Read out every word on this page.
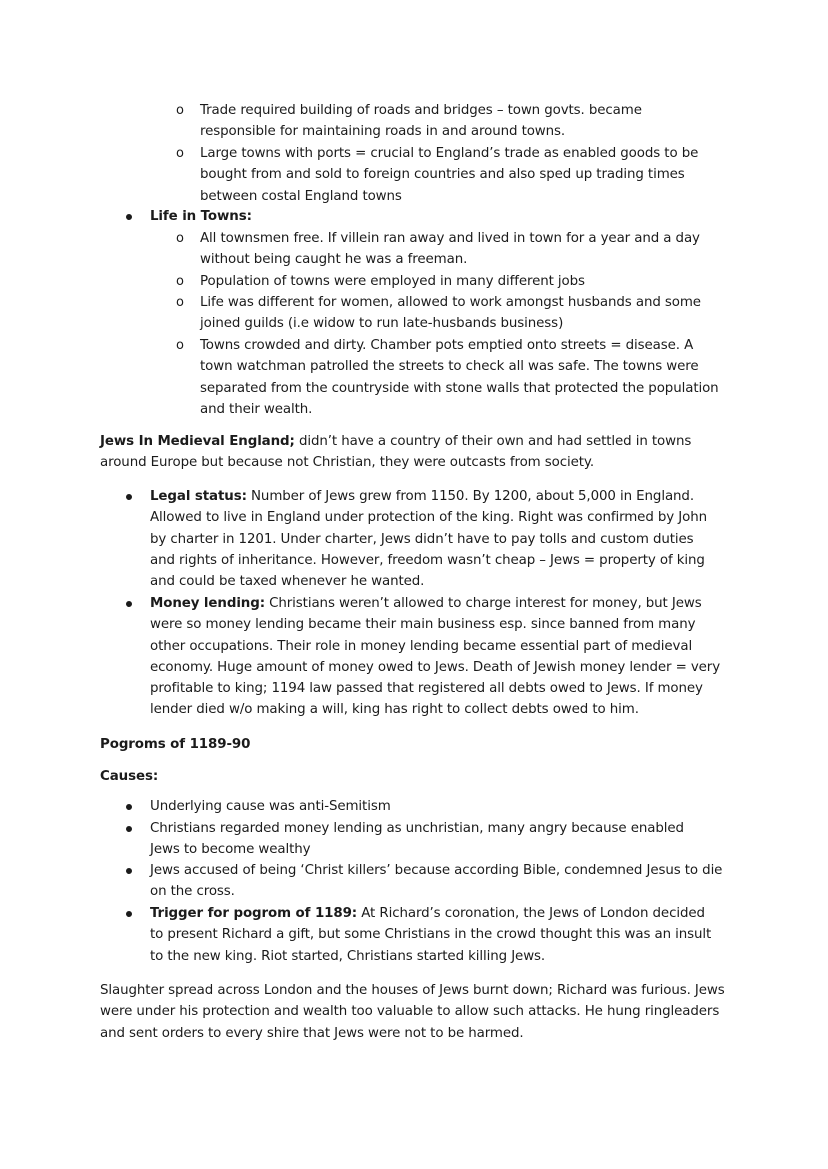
o
Trade required building of roads and bridges – town govts. became responsible for maintaining roads in and around towns.
o
Large towns with ports = crucial to England’s trade as enabled goods to be bought from and sold to foreign countries and also sped up trading times between costal England towns
Life in Towns:
o
All townsmen free. If villein ran away and lived in town for a year and a day without being caught he was a freeman.
o
Population of towns were employed in many different jobs
o
Life was different for women, allowed to work amongst husbands and some joined guilds (i.e widow to run late-husbands business)
o
Towns crowded and dirty. Chamber pots emptied onto streets = disease. A town watchman patrolled the streets to check all was safe. The towns were separated from the countryside with stone walls that protected the population and their wealth.
Jews In Medieval England; didn’t have a country of their own and had settled in towns around Europe but because not Christian, they were outcasts from society.
Legal status: Number of Jews grew from 1150. By 1200, about 5,000 in England. Allowed to live in England under protection of the king. Right was confirmed by John by charter in 1201. Under charter, Jews didn’t have to pay tolls and custom duties and rights of inheritance. However, freedom wasn’t cheap – Jews = property of king and could be taxed whenever he wanted.
Money lending: Christians weren’t allowed to charge interest for money, but Jews were so money lending became their main business esp. since banned from many other occupations. Their role in money lending became essential part of medieval economy. Huge amount of money owed to Jews. Death of Jewish money lender = very profitable to king; 1194 law passed that registered all debts owed to Jews. If money lender died w/o making a will, king has right to collect debts owed to him.
Pogroms of 1189-90
Causes:
Underlying cause was anti-Semitism
Christians regarded money lending as unchristian, many angry because enabled Jews to become wealthy
Jews accused of being ‘Christ killers’ because according Bible, condemned Jesus to die on the cross.
Trigger for pogrom of 1189: At Richard’s coronation, the Jews of London decided to present Richard a gift, but some Christians in the crowd thought this was an insult to the new king. Riot started, Christians started killing Jews.
Slaughter spread across London and the houses of Jews burnt down; Richard was furious. Jews were under his protection and wealth too valuable to allow such attacks. He hung ringleaders and sent orders to every shire that Jews were not to be harmed.
